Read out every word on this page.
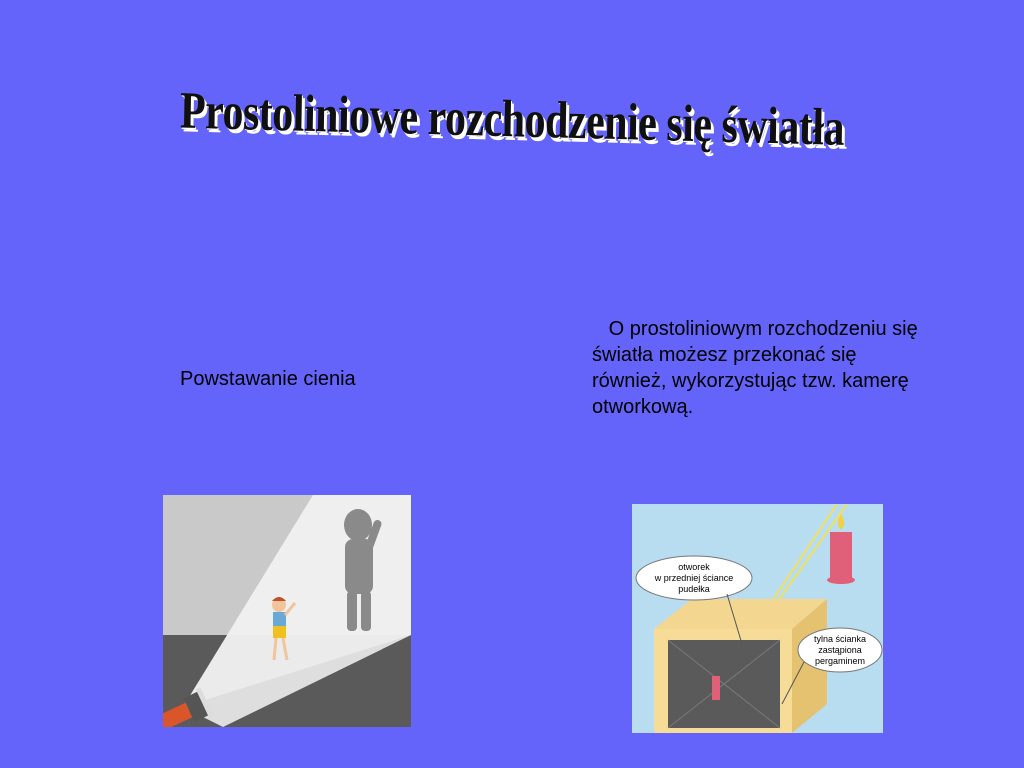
Prostoliniowe rozchodzenie się światła
Powstawanie cienia
O prostoliniowym rozchodzeniu się światła możesz przekonać się również, wykorzystując tzw. kamerę otworkową.
otworek
w przedniej ściance
pudełka
tylna ścianka
zastąpiona
pergaminem
